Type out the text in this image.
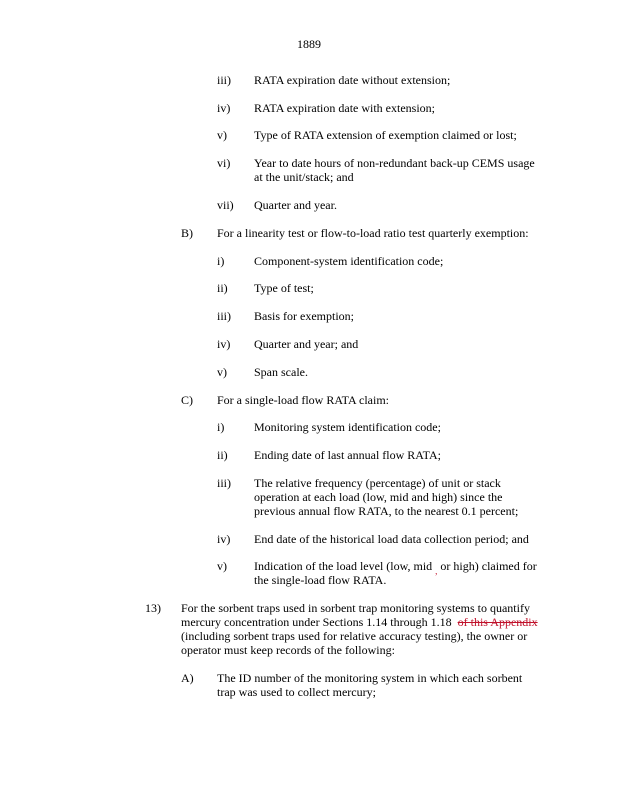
1889
iii) RATA expiration date without extension;
iv) RATA expiration date with extension;
v) Type of RATA extension of exemption claimed or lost;
vi) Year to date hours of non-redundant back-up CEMS usage
at the unit/stack; and
vii) Quarter and year.
B) For a linearity test or flow-to-load ratio test quarterly exemption:
i) Component-system identification code;
ii) Type of test;
iii) Basis for exemption;
iv) Quarter and year; and
v) Span scale.
C) For a single-load flow RATA claim:
i) Monitoring system identification code;
ii) Ending date of last annual flow RATA;
iii) The relative frequency (percentage) of unit or stack
operation at each load (low, mid and high) since the
previous annual flow RATA, to the nearest 0.1 percent;
iv) End date of the historical load data collection period; and
v) Indication of the load level (low, mid $_,$ or high) claimed for
the single-load flow RATA.
13) For the sorbent traps used in sorbent trap monitoring systems to quantify
mercury concentration under Sections 1.14 through 1.18 of this Appendix
(including sorbent traps used for relative accuracy testing), the owner or
operator must keep records of the following:
A) The ID number of the monitoring system in which each sorbent
trap was used to collect mercury;
